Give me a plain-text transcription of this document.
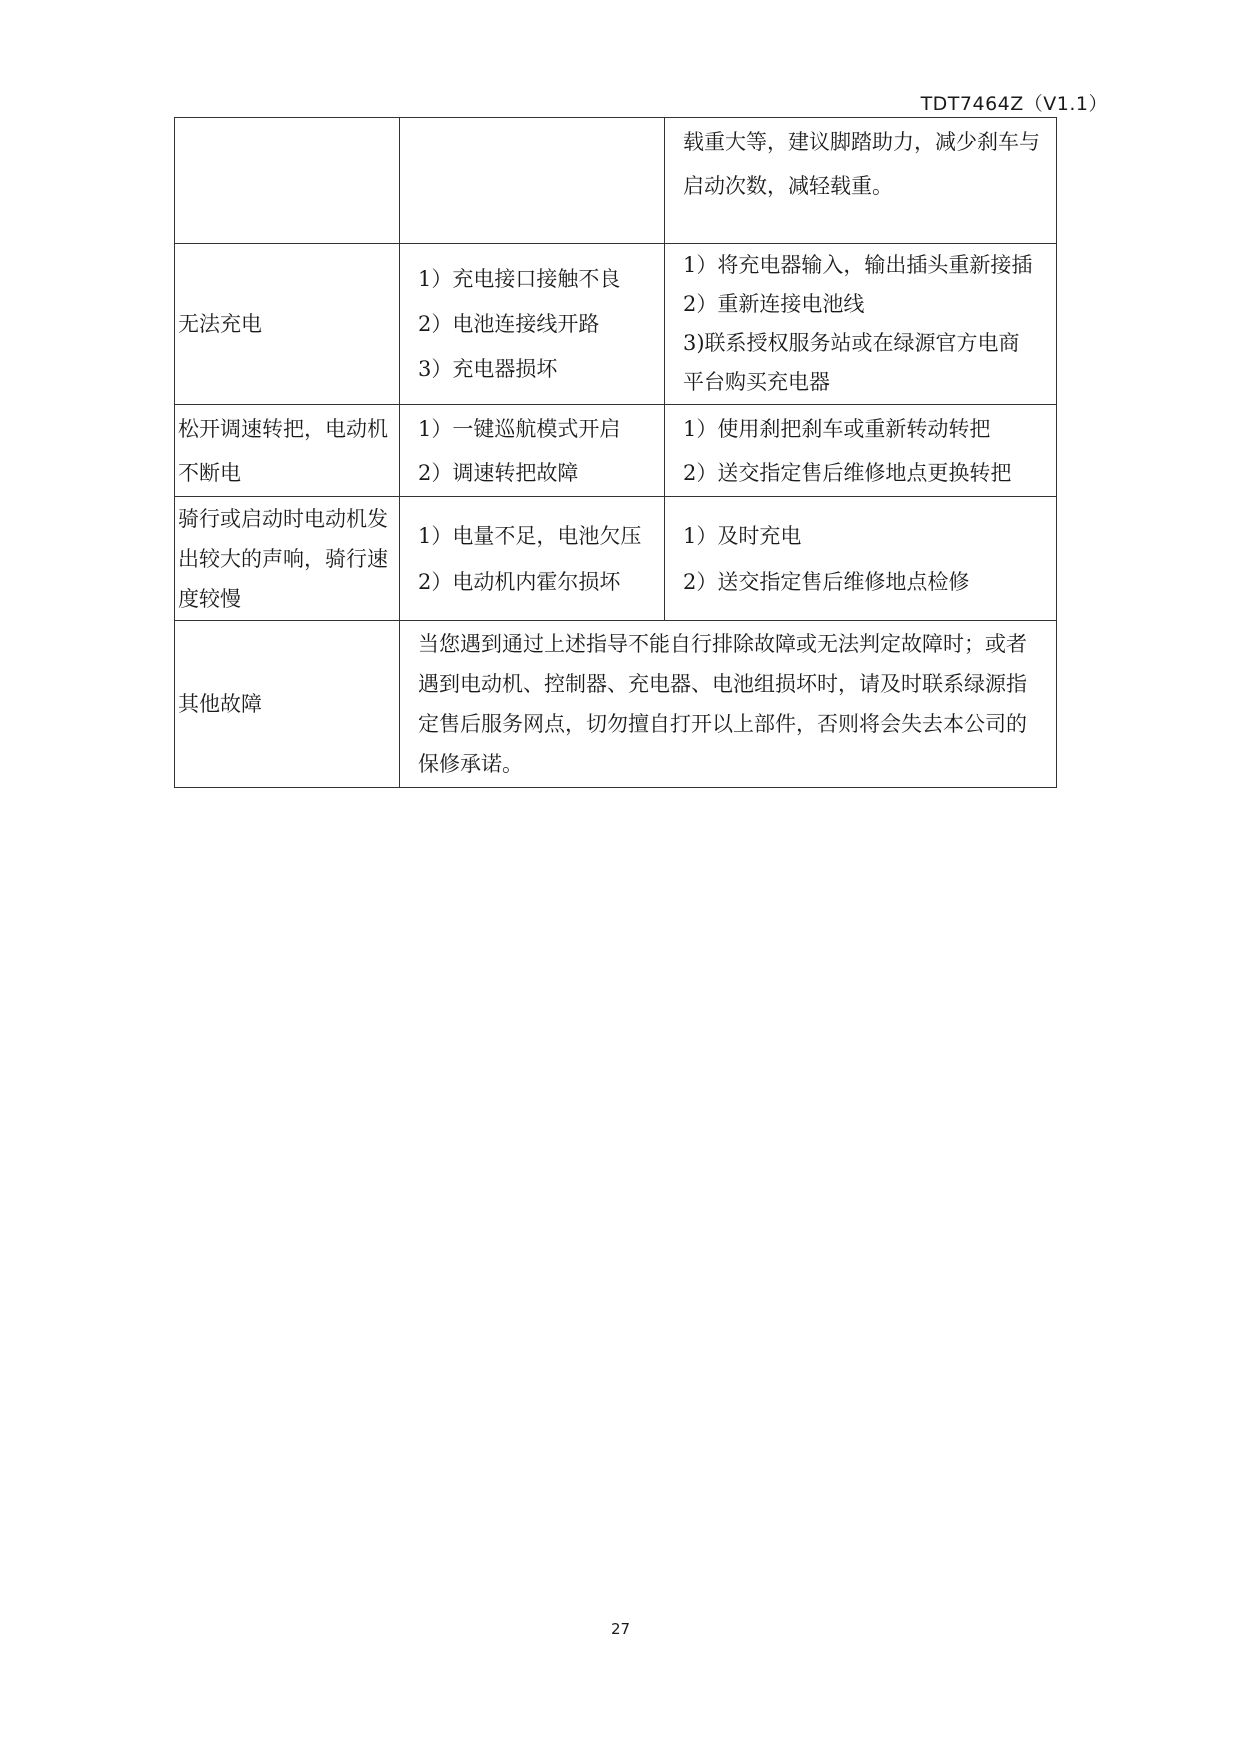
TDT7464Z（V1.1）

		载重大等，建议脚踏助力，减少刹车与
启动次数，减轻载重。

无法充电	1）充电接口接触不良
2）电池连接线开路
3）充电器损坏	1）将充电器输入，输出插头重新接插
2）重新连接电池线
3)联系授权服务站或在绿源官方电商
平台购买充电器

松开调速转把，电动机
不断电	1）一键巡航模式开启
2）调速转把故障	1）使用刹把刹车或重新转动转把
2）送交指定售后维修地点更换转把

骑行或启动时电动机发
出较大的声响，骑行速
度较慢	1）电量不足，电池欠压
2）电动机内霍尔损坏	1）及时充电
2）送交指定售后维修地点检修

其他故障	当您遇到通过上述指导不能自行排除故障或无法判定故障时；或者
遇到电动机、控制器、充电器、电池组损坏时，请及时联系绿源指
定售后服务网点，切勿擅自打开以上部件，否则将会失去本公司的
保修承诺。	
27
